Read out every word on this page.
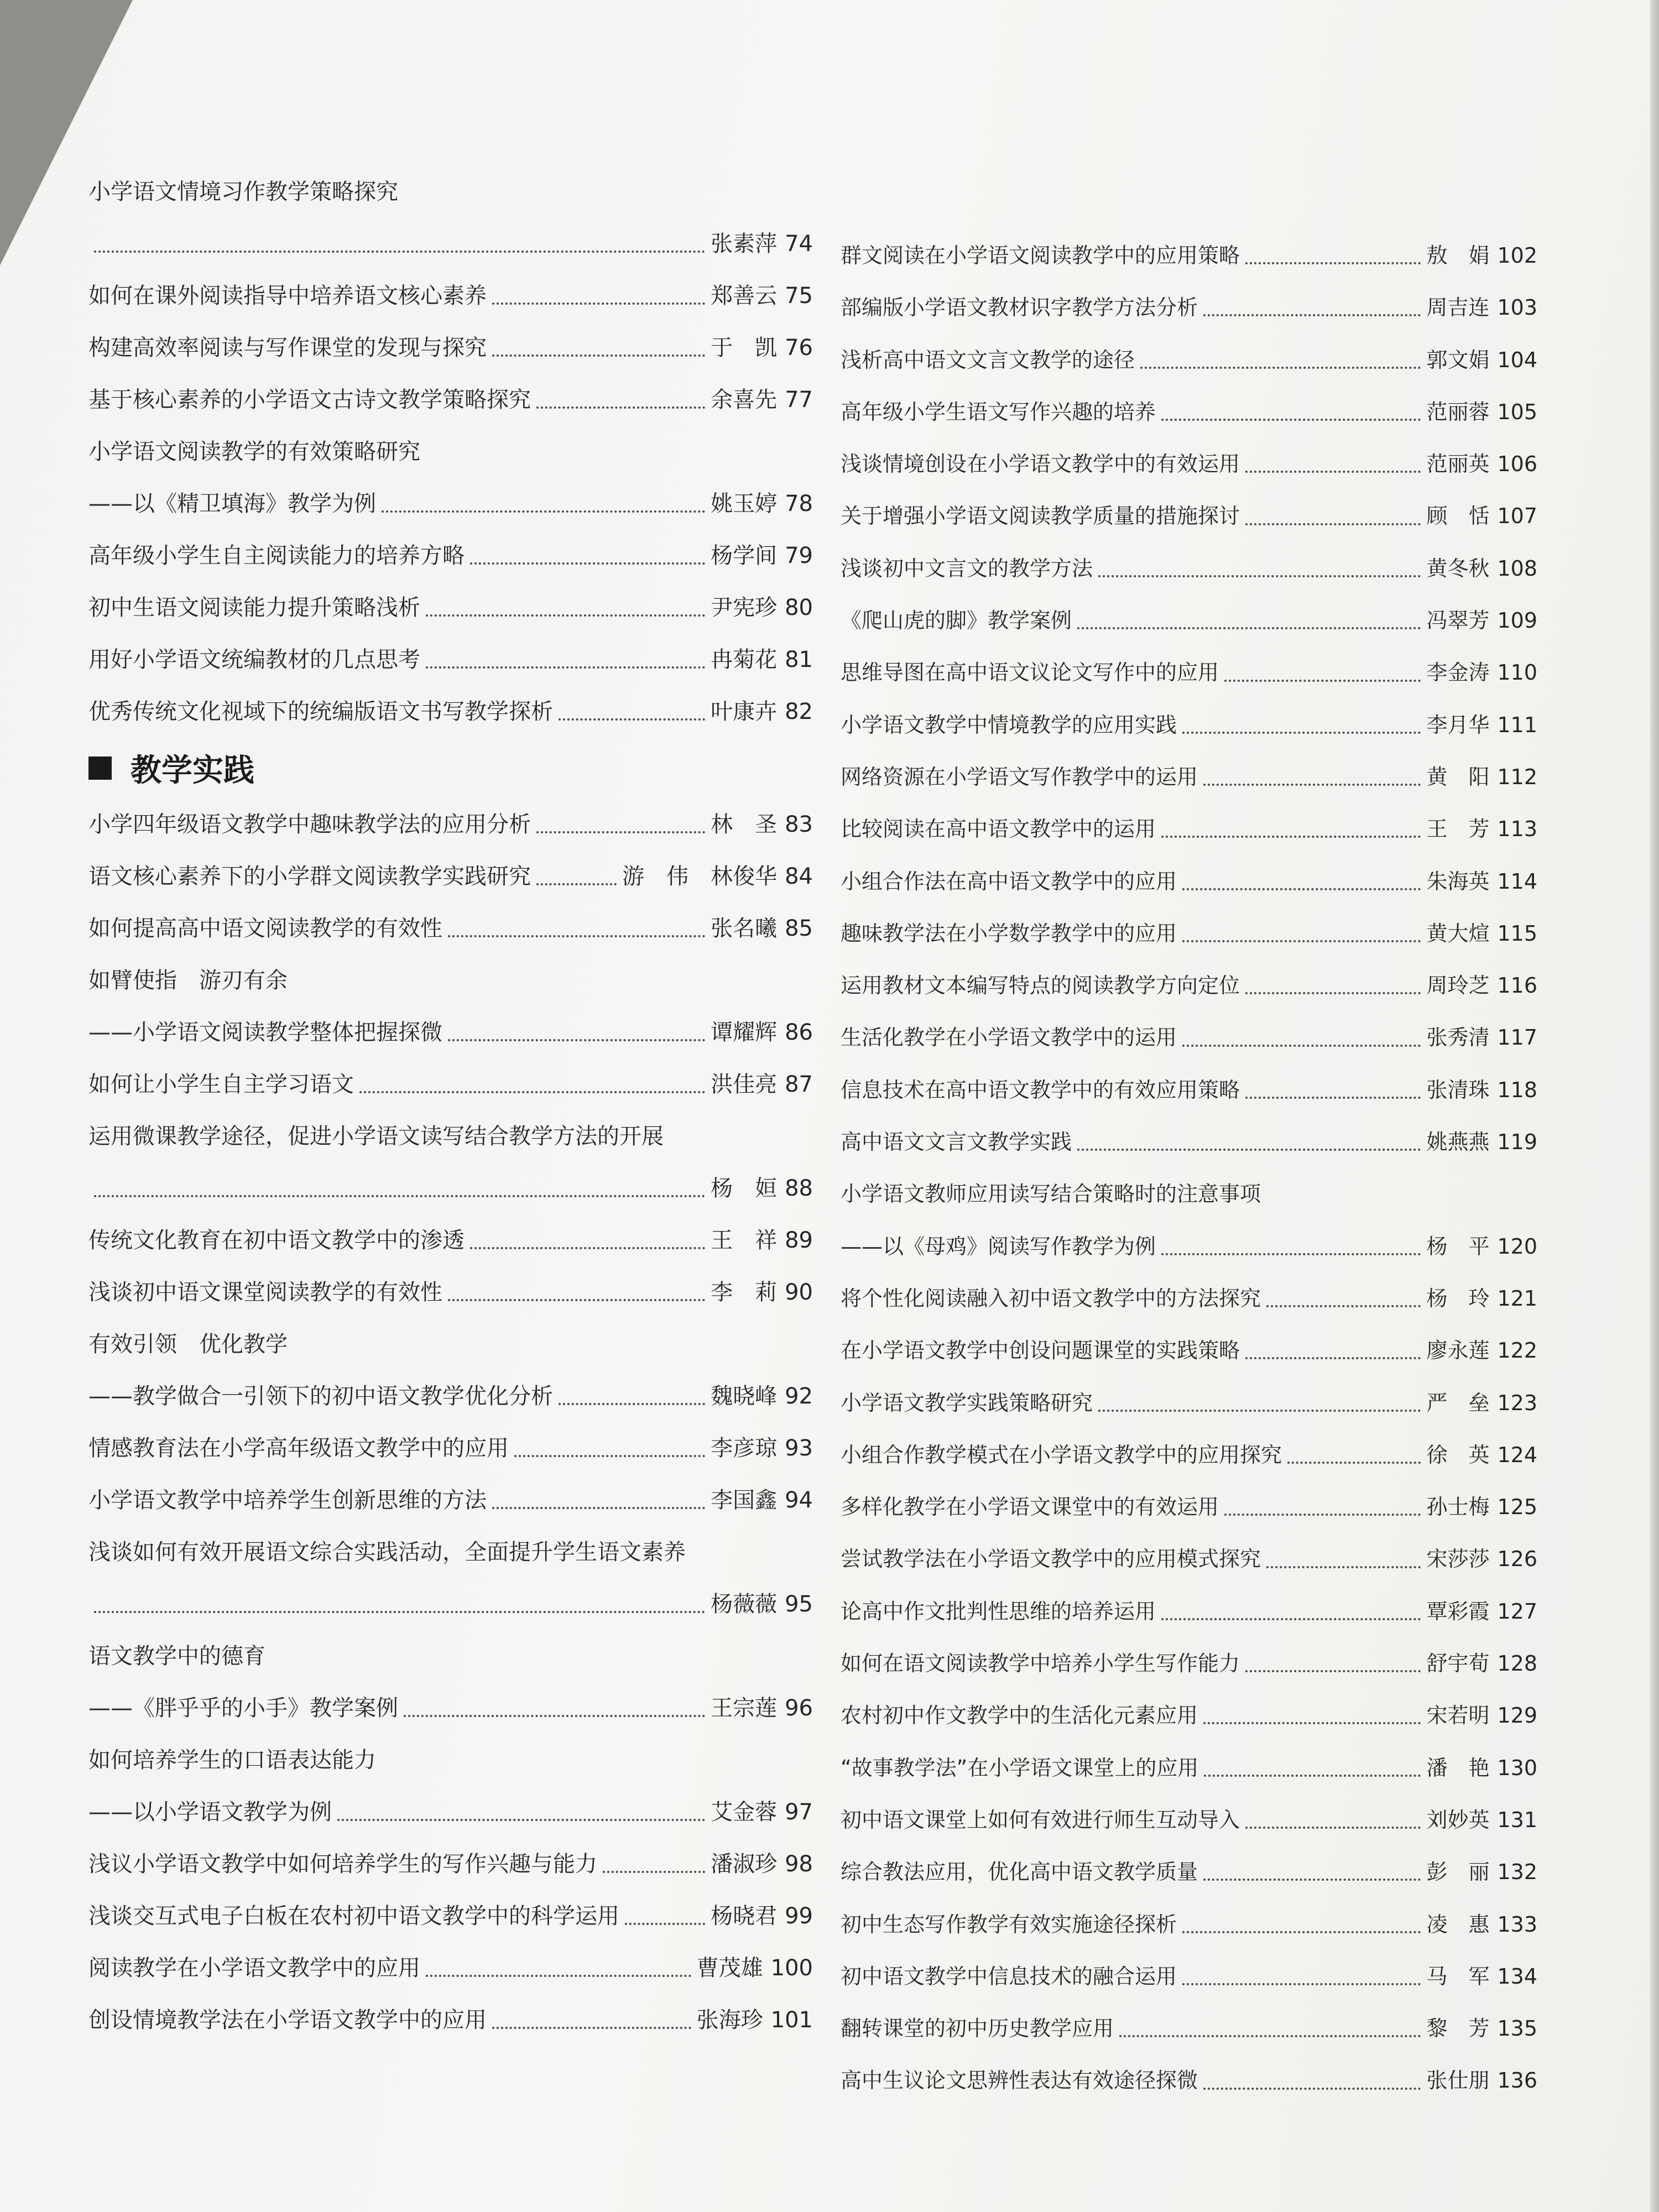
小学语文情境习作教学策略探究
张素萍 74
如何在课外阅读指导中培养语文核心素养	郑善云 75
构建高效率阅读与写作课堂的发现与探究	于　凯 76
基于核心素养的小学语文古诗文教学策略探究	余喜先 77
小学语文阅读教学的有效策略研究
——以《精卫填海》教学为例	姚玉婷 78
高年级小学生自主阅读能力的培养方略	杨学间 79
初中生语文阅读能力提升策略浅析	尹宪珍 80
用好小学语文统编教材的几点思考	冉菊花 81
优秀传统文化视域下的统编版语文书写教学探析	叶康卉 82
教学实践
小学四年级语文教学中趣味教学法的应用分析	林　圣 83
语文核心素养下的小学群文阅读教学实践研究	游　伟　林俊华 84
如何提高高中语文阅读教学的有效性	张名曦 85
如臂使指　游刃有余
——小学语文阅读教学整体把握探微	谭耀辉 86
如何让小学生自主学习语文	洪佳亮 87
运用微课教学途径，促进小学语文读写结合教学方法的开展
杨　姮 88
传统文化教育在初中语文教学中的渗透	王　祥 89
浅谈初中语文课堂阅读教学的有效性	李　莉 90
有效引领　优化教学
——教学做合一引领下的初中语文教学优化分析	魏晓峰 92
情感教育法在小学高年级语文教学中的应用	李彦琼 93
小学语文教学中培养学生创新思维的方法	李国鑫 94
浅谈如何有效开展语文综合实践活动，全面提升学生语文素养
杨薇薇 95
语文教学中的德育
——《胖乎乎的小手》教学案例	王宗莲 96
如何培养学生的口语表达能力
——以小学语文教学为例	艾金蓉 97
浅议小学语文教学中如何培养学生的写作兴趣与能力	潘淑珍 98
浅谈交互式电子白板在农村初中语文教学中的科学运用	杨晓君 99
阅读教学在小学语文教学中的应用	曹茂雄 100
创设情境教学法在小学语文教学中的应用	张海珍 101
群文阅读在小学语文阅读教学中的应用策略	敖　娟 102
部编版小学语文教材识字教学方法分析	周吉连 103
浅析高中语文文言文教学的途径	郭文娟 104
高年级小学生语文写作兴趣的培养	范丽蓉 105
浅谈情境创设在小学语文教学中的有效运用	范丽英 106
关于增强小学语文阅读教学质量的措施探讨	顾　恬 107
浅谈初中文言文的教学方法	黄冬秋 108
《爬山虎的脚》教学案例	冯翠芳 109
思维导图在高中语文议论文写作中的应用	李金涛 110
小学语文教学中情境教学的应用实践	李月华 111
网络资源在小学语文写作教学中的运用	黄　阳 112
比较阅读在高中语文教学中的运用	王　芳 113
小组合作法在高中语文教学中的应用	朱海英 114
趣味教学法在小学数学教学中的应用	黄大煊 115
运用教材文本编写特点的阅读教学方向定位	周玲芝 116
生活化教学在小学语文教学中的运用	张秀清 117
信息技术在高中语文教学中的有效应用策略	张清珠 118
高中语文文言文教学实践	姚燕燕 119
小学语文教师应用读写结合策略时的注意事项
——以《母鸡》阅读写作教学为例	杨　平 120
将个性化阅读融入初中语文教学中的方法探究	杨　玲 121
在小学语文教学中创设问题课堂的实践策略	廖永莲 122
小学语文教学实践策略研究	严　垒 123
小组合作教学模式在小学语文教学中的应用探究	徐　英 124
多样化教学在小学语文课堂中的有效运用	孙士梅 125
尝试教学法在小学语文教学中的应用模式探究	宋莎莎 126
论高中作文批判性思维的培养运用	覃彩霞 127
如何在语文阅读教学中培养小学生写作能力	舒宇荀 128
农村初中作文教学中的生活化元素应用	宋若明 129
“故事教学法”在小学语文课堂上的应用	潘　艳 130
初中语文课堂上如何有效进行师生互动导入	刘妙英 131
综合教法应用，优化高中语文教学质量	彭　丽 132
初中生态写作教学有效实施途径探析	凌　惠 133
初中语文教学中信息技术的融合运用	马　军 134
翻转课堂的初中历史教学应用	黎　芳 135
高中生议论文思辨性表达有效途径探微	张仕朋 136
